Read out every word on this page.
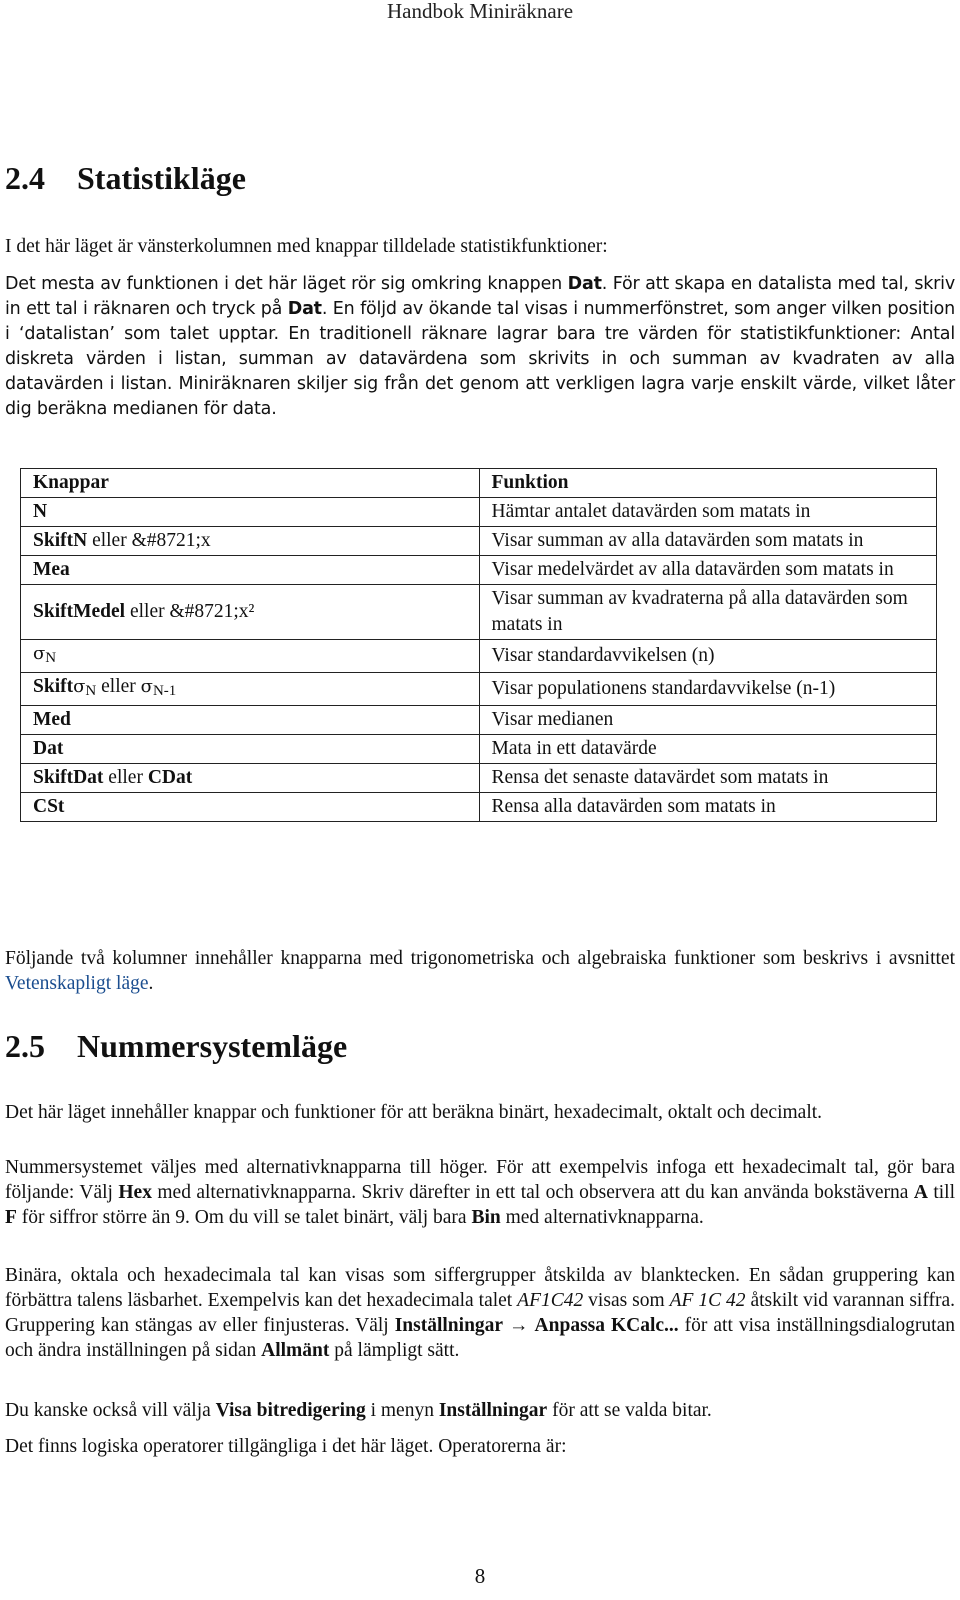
Handbok Miniräknare
2.4 Statistikläge
I det här läget är vänsterkolumnen med knappar tilldelade statistikfunktioner:
Det mesta av funktionen i det här läget rör sig omkring knappen Dat. För att skapa en datalista med tal, skriv in ett tal i räknaren och tryck på Dat. En följd av ökande tal visas i nummerfönstret, som anger vilken position i ‘datalistan’ som talet upptar. En traditionell räknare lagrar bara tre värden för statistikfunktioner: Antal diskreta värden i listan, summan av datavärdena som skrivits in och summan av kvadraten av alla datavärden i listan. Miniräknaren skiljer sig från det genom att verkligen lagra varje enskilt värde, vilket låter dig beräkna medianen för data.
Knappar	Funktion
N	Hämtar antalet datavärden som matats in
SkiftN eller &#8721;x	Visar summan av alla datavärden som matats in
Mea	Visar medelvärdet av alla datavärden som matats in
SkiftMedel eller &#8721;x²	Visar summan av kvadraterna på alla datavärden som matats in
$\sigma_N$	Visar standardavvikelsen (n)
Skiftσ$_N$ eller $\sigma_{N-1}$	Visar populationens standardavvikelse (n-1)
Med	Visar medianen
Dat	Mata in ett datavärde
SkiftDat eller CDat	Rensa det senaste datavärdet som matats in
CSt	Rensa alla datavärden som matats in
Följande två kolumner innehåller knapparna med trigonometriska och algebraiska funktioner som beskrivs i avsnittet Vetenskapligt läge.
2.5 Nummersystemläge
Det här läget innehåller knappar och funktioner för att beräkna binärt, hexadecimalt, oktalt och decimalt.
Nummersystemet väljes med alternativknapparna till höger. För att exempelvis infoga ett hexadecimalt tal, gör bara följande: Välj Hex med alternativknapparna. Skriv därefter in ett tal och observera att du kan använda bokstäverna A till F för siffror större än 9. Om du vill se talet binärt, välj bara Bin med alternativknapparna.
Binära, oktala och hexadecimala tal kan visas som siffergrupper åtskilda av blanktecken. En sådan gruppering kan förbättra talens läsbarhet. Exempelvis kan det hexadecimala talet AF1C42 visas som AF 1C 42 åtskilt vid varannan siffra. Gruppering kan stängas av eller finjusteras. Välj Inställningar → Anpassa KCalc... för att visa inställningsdialogrutan och ändra inställningen på sidan Allmänt på lämpligt sätt.
Du kanske också vill välja Visa bitredigering i menyn Inställningar för att se valda bitar.
Det finns logiska operatorer tillgängliga i det här läget. Operatorerna är:
8
